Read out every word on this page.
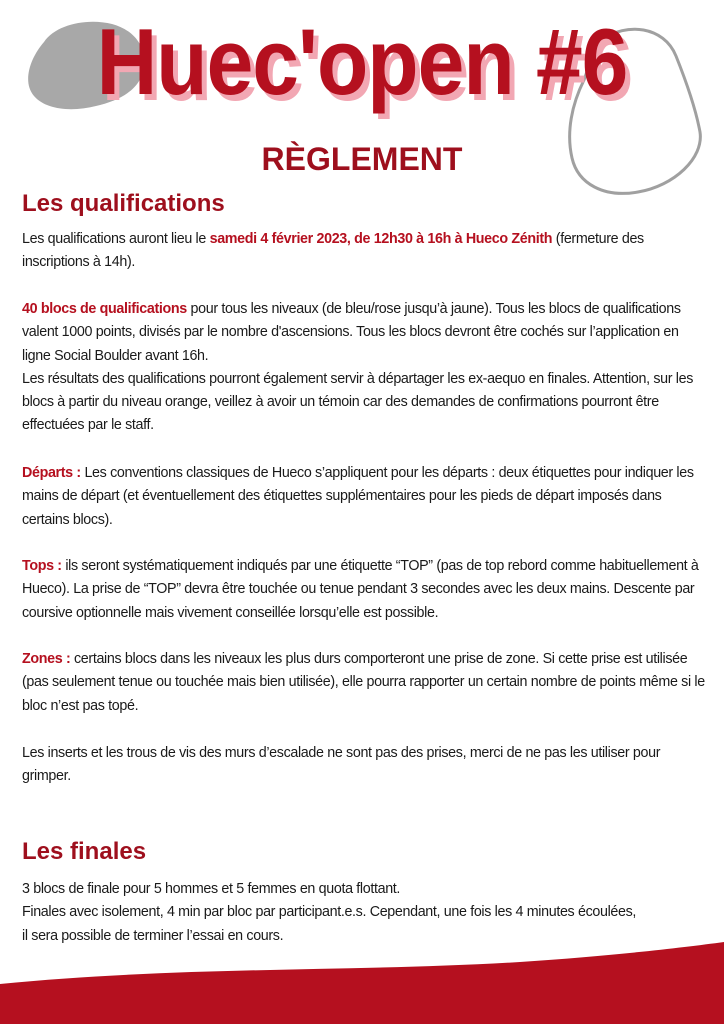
Huec'open #6
RÈGLEMENT
Les qualifications

Les qualifications auront lieu le samedi 4 février 2023, de 12h30 à 16h à Hueco Zénith (fermeture des inscriptions à 14h).

40 blocs de qualifications pour tous les niveaux (de bleu/rose jusqu’à jaune). Tous les blocs de qualifications valent 1000 points, divisés par le nombre d'ascensions. Tous les blocs devront être cochés sur l’application en ligne Social Boulder avant 16h.
Les résultats des qualifications pourront également servir à départager les ex-aequo en finales. Attention, sur les blocs à partir du niveau orange, veillez à avoir un témoin car des demandes de confirmations pourront être effectuées par le staff.

Départs : Les conventions classiques de Hueco s’appliquent pour les départs : deux étiquettes pour indiquer les mains de départ (et éventuellement des étiquettes supplémentaires pour les pieds de départ imposés dans certains blocs).

Tops : ils seront systématiquement indiqués par une étiquette “TOP” (pas de top rebord comme habituellement à Hueco). La prise de “TOP” devra être touchée ou tenue pendant 3 secondes avec les deux mains. Descente par coursive optionnelle mais vivement conseillée lorsqu’elle est possible.

Zones : certains blocs dans les niveaux les plus durs comporteront une prise de zone. Si cette prise est utilisée (pas seulement tenue ou touchée mais bien utilisée), elle pourra rapporter un certain nombre de points même si le bloc n’est pas topé.

Les inserts et les trous de vis des murs d’escalade ne sont pas des prises, merci de ne pas les utiliser pour grimper.

Les finales

3 blocs de finale pour 5 hommes et 5 femmes en quota flottant.
Finales avec isolement, 4 min par bloc par participant.e.s. Cependant, une fois les 4 minutes écoulées,
il sera possible de terminer l’essai en cours.
